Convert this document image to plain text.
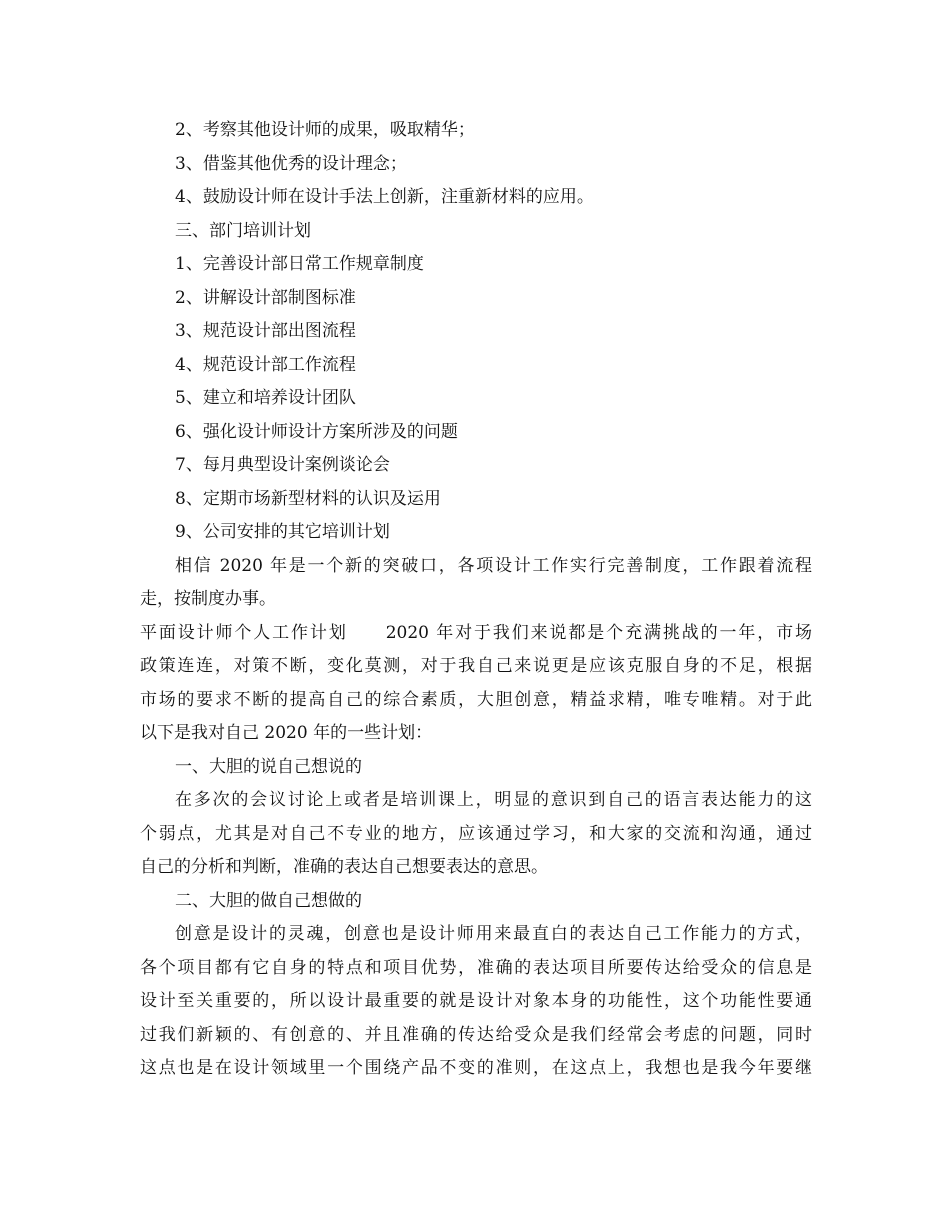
2、考察其他设计师的成果，吸取精华；

3、借鉴其他优秀的设计理念；

4、鼓励设计师在设计手法上创新，注重新材料的应用。

三、部门培训计划

1、完善设计部日常工作规章制度

2、讲解设计部制图标准

3、规范设计部出图流程

4、规范设计部工作流程

5、建立和培养设计团队

6、强化设计师设计方案所涉及的问题

7、每月典型设计案例谈论会

8、定期市场新型材料的认识及运用

9、公司安排的其它培训计划

相信 2020 年是一个新的突破口，各项设计工作实行完善制度，工作跟着流程
走，按制度办事。
平面设计师个人工作计划 2020 年对于我们来说都是个充满挑战的一年，市场
政策连连，对策不断，变化莫测，对于我自己来说更是应该克服自身的不足，根据
市场的要求不断的提高自己的综合素质，大胆创意，精益求精，唯专唯精。对于此
以下是我对自己 2020 年的一些计划：

一、大胆的说自己想说的

在多次的会议讨论上或者是培训课上，明显的意识到自己的语言表达能力的这
个弱点，尤其是对自己不专业的地方，应该通过学习，和大家的交流和沟通，通过
自己的分析和判断，准确的表达自己想要表达的意思。

二、大胆的做自己想做的

创意是设计的灵魂，创意也是设计师用来最直白的表达自己工作能力的方式，
各个项目都有它自身的特点和项目优势，准确的表达项目所要传达给受众的信息是
设计至关重要的，所以设计最重要的就是设计对象本身的功能性，这个功能性要通
过我们新颖的、有创意的、并且准确的传达给受众是我们经常会考虑的问题，同时
这点也是在设计领域里一个围绕产品不变的准则，在这点上，我想也是我今年要继
